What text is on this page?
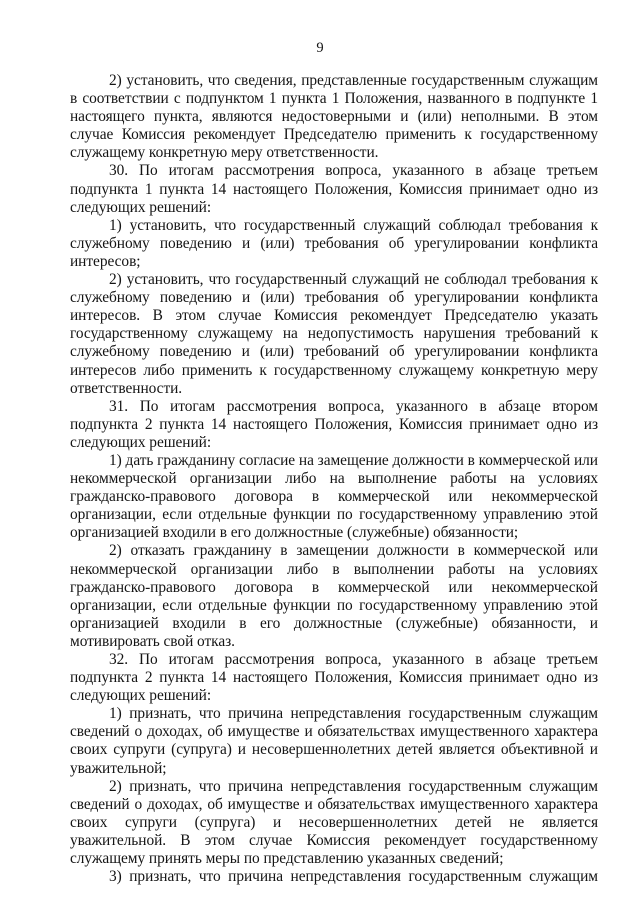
9

2) установить, что сведения, представленные государственным служащим в соответствии с подпунктом 1 пункта 1 Положения, названного в подпункте 1 настоящего пункта, являются недостоверными и (или) неполными. В этом случае Комиссия рекомендует Председателю применить к государственному служащему конкретную меру ответственности.

30. По итогам рассмотрения вопроса, указанного в абзаце третьем подпункта 1 пункта 14 настоящего Положения, Комиссия принимает одно из следующих решений:

1) установить, что государственный служащий соблюдал требования к служебному поведению и (или) требования об урегулировании конфликта интересов;

2) установить, что государственный служащий не соблюдал требования к служебному поведению и (или) требования об урегулировании конфликта интересов. В этом случае Комиссия рекомендует Председателю указать государственному служащему на недопустимость нарушения требований к служебному поведению и (или) требований об урегулировании конфликта интересов либо применить к государственному служащему конкретную меру ответственности.

31. По итогам рассмотрения вопроса, указанного в абзаце втором подпункта 2 пункта 14 настоящего Положения, Комиссия принимает одно из следующих решений:

1) дать гражданину согласие на замещение должности в коммерческой или некоммерческой организации либо на выполнение работы на условиях гражданско-правового договора в коммерческой или некоммерческой организации, если отдельные функции по государственному управлению этой организацией входили в его должностные (служебные) обязанности;

2) отказать гражданину в замещении должности в коммерческой или некоммерческой организации либо в выполнении работы на условиях гражданско-правового договора в коммерческой или некоммерческой организации, если отдельные функции по государственному управлению этой организацией входили в его должностные (служебные) обязанности, и мотивировать свой отказ.

32. По итогам рассмотрения вопроса, указанного в абзаце третьем подпункта 2 пункта 14 настоящего Положения, Комиссия принимает одно из следующих решений:

1) признать, что причина непредставления государственным служащим сведений о доходах, об имуществе и обязательствах имущественного характера своих супруги (супруга) и несовершеннолетних детей является объективной и уважительной;

2) признать, что причина непредставления государственным служащим сведений о доходах, об имуществе и обязательствах имущественного характера своих супруги (супруга) и несовершеннолетних детей не является уважительной. В этом случае Комиссия рекомендует государственному служащему принять меры по представлению указанных сведений;

3) признать, что причина непредставления государственным служащим
